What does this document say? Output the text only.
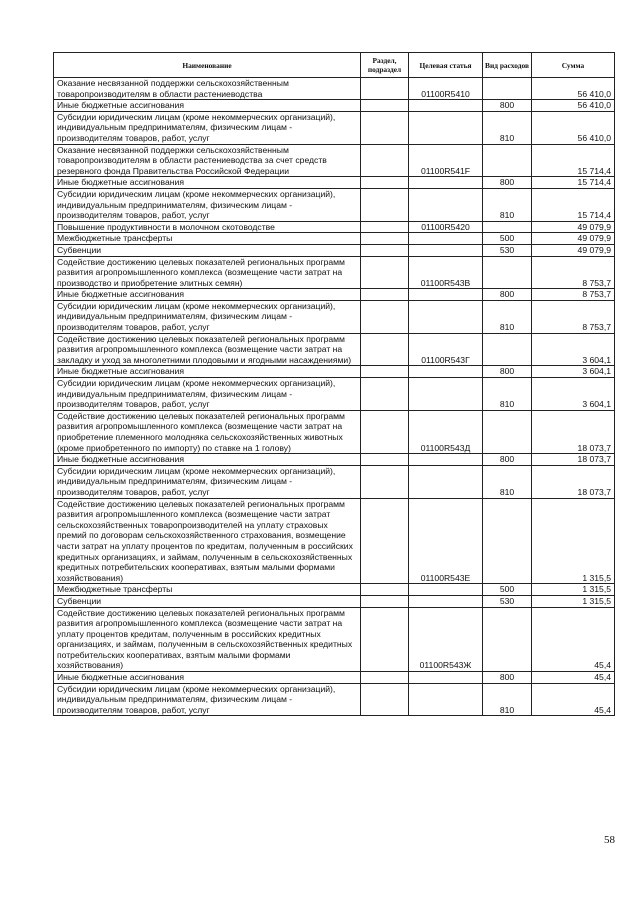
Наименование	Раздел, подраздел	Целевая статья	Вид расходов	Сумма
Оказание несвязанной поддержки сельскохозяйственным товаропроизводителям в области растениеводства		01100R5410		56 410,0
Иные бюджетные ассигнования			800	56 410,0
Субсидии юридическим лицам (кроме некоммерческих организаций), индивидуальным предпринимателям, физическим лицам - производителям товаров, работ, услуг			810	56 410,0
Оказание несвязанной поддержки сельскохозяйственным товаропроизводителям в области растениеводства за счет средств резервного фонда Правительства Российской Федерации		01100R541F		15 714,4
Иные бюджетные ассигнования			800	15 714,4
Субсидии юридическим лицам (кроме некоммерческих организаций), индивидуальным предпринимателям, физическим лицам - производителям товаров, работ, услуг			810	15 714,4
Повышение продуктивности в молочном скотоводстве		01100R5420		49 079,9
Межбюджетные трансферты			500	49 079,9
Субвенции			530	49 079,9
Содействие достижению целевых показателей региональных программ развития агропромышленного комплекса (возмещение части затрат на производство и приобретение элитных семян)		01100R543B		8 753,7
Иные бюджетные ассигнования			800	8 753,7
Субсидии юридическим лицам (кроме некоммерческих организаций), индивидуальным предпринимателям, физическим лицам - производителям товаров, работ, услуг			810	8 753,7
Содействие достижению целевых показателей региональных программ развития агропромышленного комплекса (возмещение части затрат на закладку и уход за многолетними плодовыми и ягодными насаждениями)		01100R543Г		3 604,1
Иные бюджетные ассигнования			800	3 604,1
Субсидии юридическим лицам (кроме некоммерческих организаций), индивидуальным предпринимателям, физическим лицам - производителям товаров, работ, услуг			810	3 604,1
Содействие достижению целевых показателей региональных программ развития агропромышленного комплекса (возмещение части затрат на приобретение племенного молодняка сельскохозяйственных животных (кроме приобретенного по импорту) по ставке на 1 голову)		01100R543Д		18 073,7
Иные бюджетные ассигнования			800	18 073,7
Субсидии юридическим лицам (кроме некоммерческих организаций), индивидуальным предпринимателям, физическим лицам - производителям товаров, работ, услуг			810	18 073,7
Содействие достижению целевых показателей региональных программ развития агропромышленного комплекса (возмещение части затрат сельскохозяйственных товаропроизводителей на уплату страховых премий по договорам сельскохозяйственного страхования, возмещение части затрат на уплату процентов по кредитам, полученным в российских кредитных организациях, и займам, полученным в сельскохозяйственных кредитных потребительских кооперативах, взятым малыми формами хозяйствования)		01100R543E		1 315,5
Межбюджетные трансферты			500	1 315,5
Субвенции			530	1 315,5
Содействие достижению целевых показателей региональных программ развития агропромышленного комплекса (возмещение части затрат на уплату процентов кредитам, полученным в российских кредитных организациях, и займам, полученным в сельскохозяйственных кредитных потребительских кооперативах, взятым малыми формами хозяйствования)		01100R543Ж		45,4
Иные бюджетные ассигнования			800	45,4
Субсидии юридическим лицам (кроме некоммерческих организаций), индивидуальным предпринимателям, физическим лицам - производителям товаров, работ, услуг			810	45,4
58
